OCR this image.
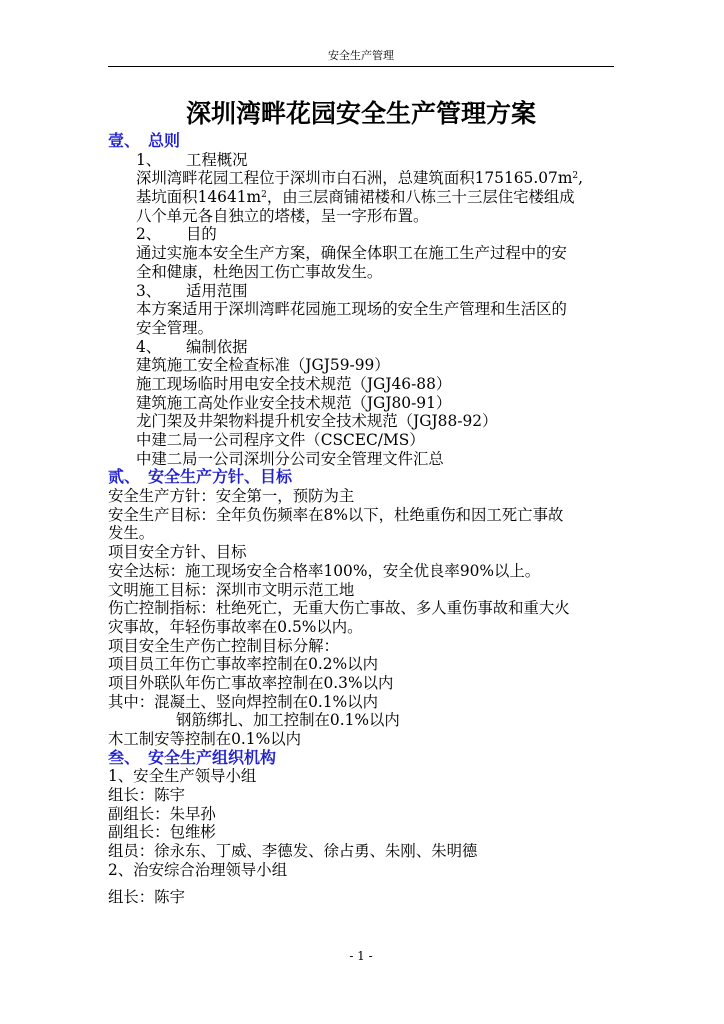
安全生产管理
深圳湾畔花园安全生产管理方案
壹、 总则
1、 工程概况
深圳湾畔花园工程位于深圳市白石洲，总建筑面积$175165.07m^2$,
基坑面积$14641m^2$，由三层商铺裙楼和八栋三十三层住宅楼组成
八个单元各自独立的塔楼，呈一字形布置。
2、 目的
通过实施本安全生产方案，确保全体职工在施工生产过程中的安
全和健康，杜绝因工伤亡事故发生。
3、 适用范围
本方案适用于深圳湾畔花园施工现场的安全生产管理和生活区的
安全管理。
4、 编制依据
建筑施工安全检查标准（JGJ59-99）
施工现场临时用电安全技术规范（JGJ46-88）
建筑施工高处作业安全技术规范（JGJ80-91）
龙门架及井架物料提升机安全技术规范（JGJ88-92）
中建二局一公司程序文件（CSCEC/MS）
中建二局一公司深圳分公司安全管理文件汇总
贰、 安全生产方针、目标
安全生产方针：安全第一，预防为主
安全生产目标：全年负伤频率在8%以下，杜绝重伤和因工死亡事故
发生。
项目安全方针、目标
安全达标：施工现场安全合格率100%，安全优良率90%以上。
文明施工目标：深圳市文明示范工地
伤亡控制指标：杜绝死亡，无重大伤亡事故、多人重伤事故和重大火
灾事故，年轻伤事故率在0.5%以内。
项目安全生产伤亡控制目标分解：
项目员工年伤亡事故率控制在0.2%以内
项目外联队年伤亡事故率控制在0.3%以内
其中：混凝土、竖向焊控制在0.1%以内
钢筋绑扎、加工控制在0.1%以内
木工制安等控制在0.1%以内
叁、 安全生产组织机构
1、安全生产领导小组
组长：陈宇
副组长：朱早孙
副组长：包维彬
组员：徐永东、丁威、李德发、徐占勇、朱刚、朱明德
2、治安综合治理领导小组
组长：陈宇
- 1 -
